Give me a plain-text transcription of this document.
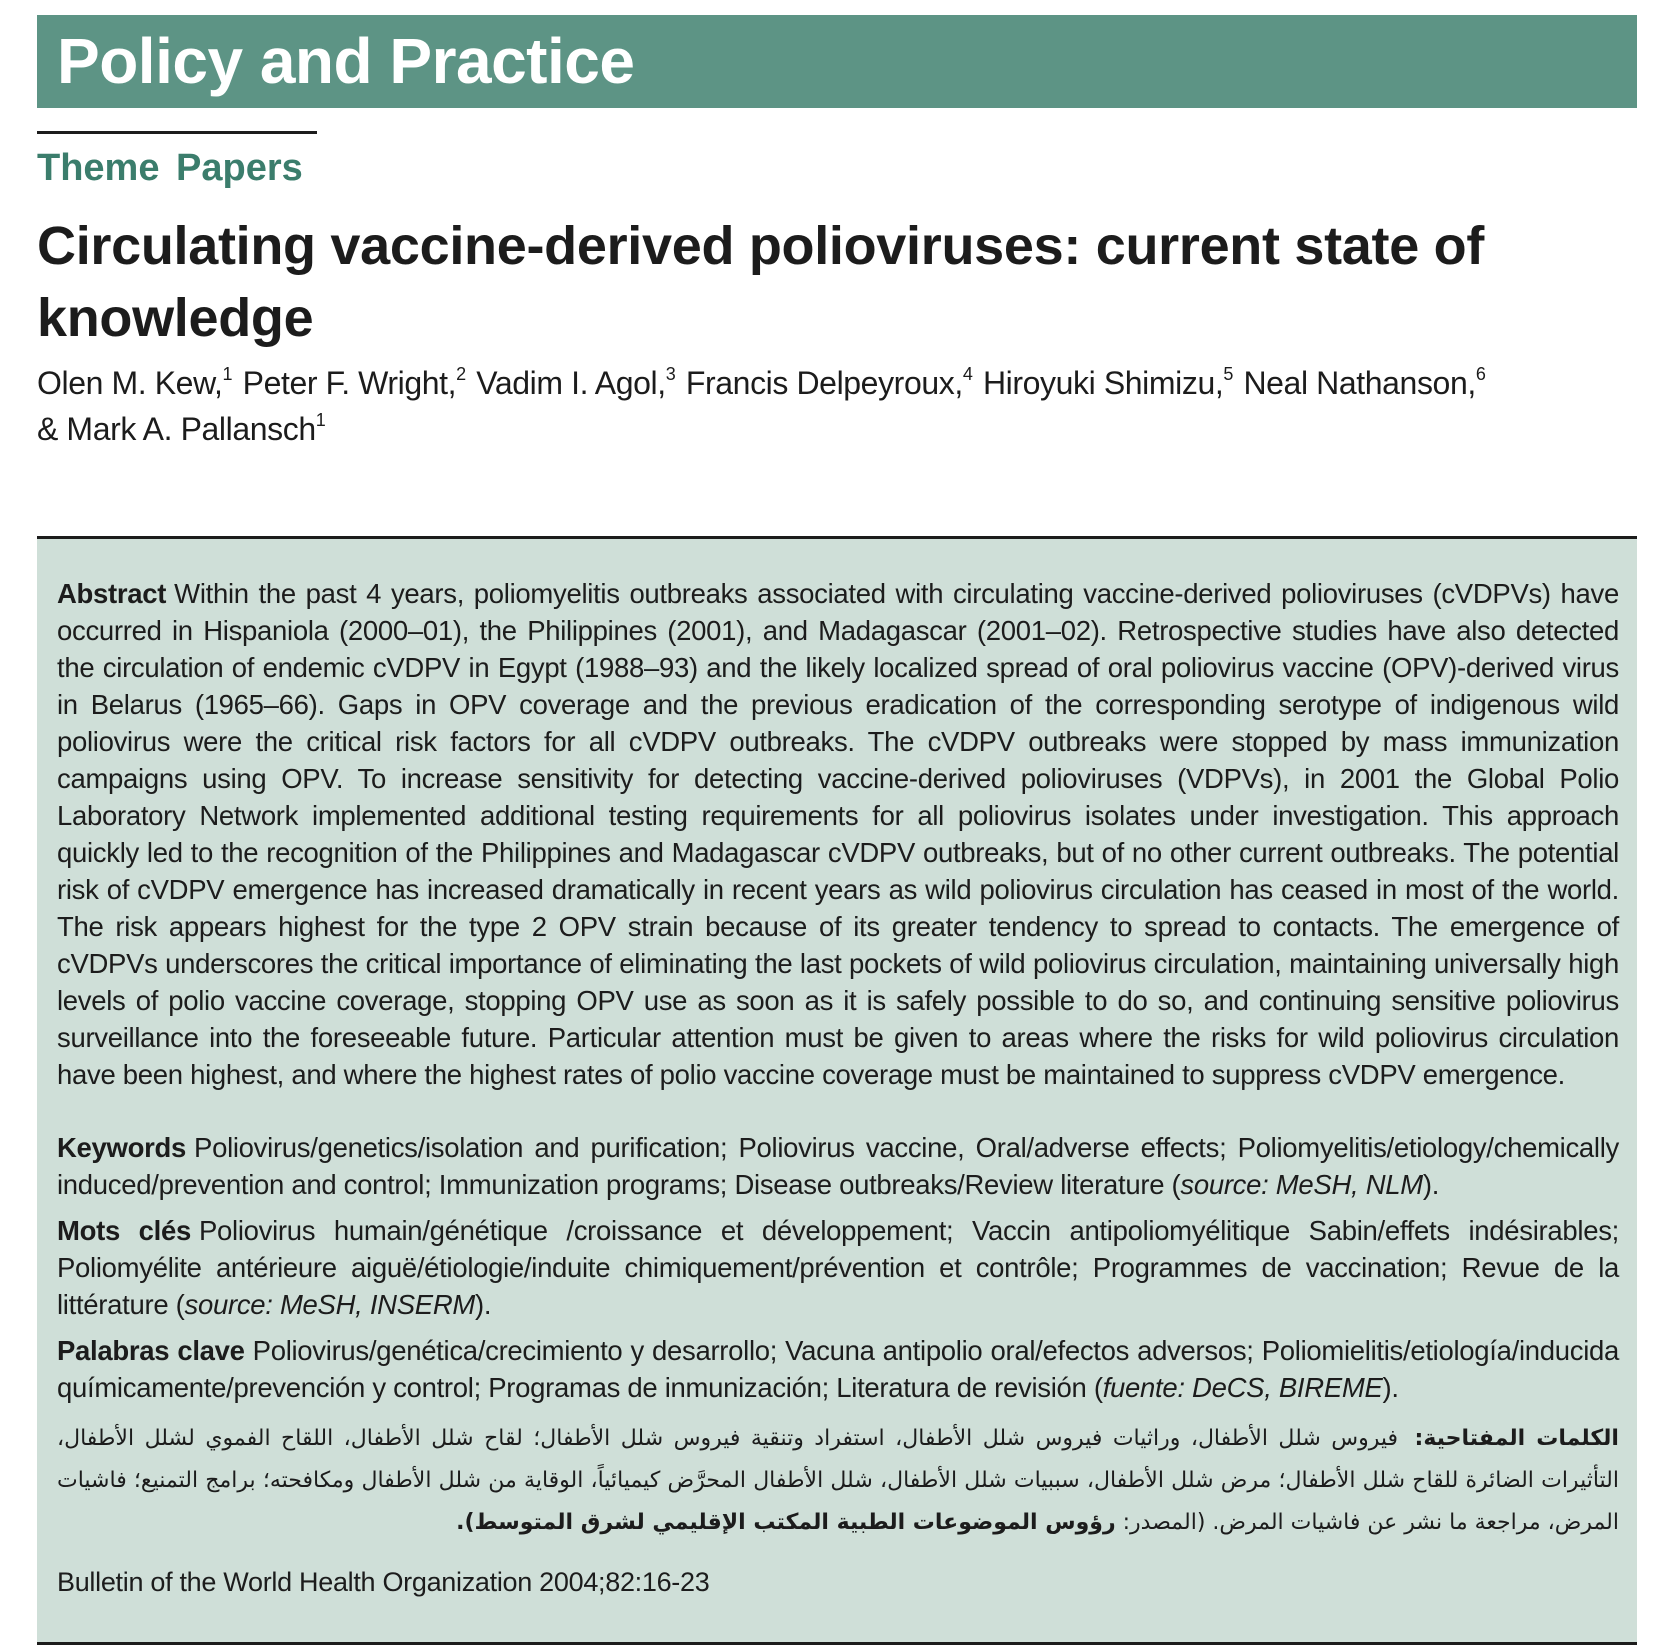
Policy and Practice
Theme Papers
Circulating vaccine-derived polioviruses: current state of knowledge
Olen M. Kew,$^1$ Peter F. Wright,$^2$ Vadim I. Agol,$^3$ Francis Delpeyroux,$^4$ Hiroyuki Shimizu,$^5$ Neal Nathanson,$^6$
& Mark A. Pallansch$^1$

Abstract Within the past 4 years, poliomyelitis outbreaks associated with circulating vaccine-derived polioviruses (cVDPVs) have occurred in Hispaniola (2000–01), the Philippines (2001), and Madagascar (2001–02). Retrospective studies have also detected the circulation of endemic cVDPV in Egypt (1988–93) and the likely localized spread of oral poliovirus vaccine (OPV)-derived virus in Belarus (1965–66). Gaps in OPV coverage and the previous eradication of the corresponding serotype of indigenous wild poliovirus were the critical risk factors for all cVDPV outbreaks. The cVDPV outbreaks were stopped by mass immunization campaigns using OPV. To increase sensitivity for detecting vaccine-derived polioviruses (VDPVs), in 2001 the Global Polio Laboratory Network implemented additional testing requirements for all poliovirus isolates under investigation. This approach quickly led to the recognition of the Philippines and Madagascar cVDPV outbreaks, but of no other current outbreaks. The potential risk of cVDPV emergence has increased dramatically in recent years as wild poliovirus circulation has ceased in most of the world. The risk appears highest for the type 2 OPV strain because of its greater tendency to spread to contacts. The emergence of cVDPVs underscores the critical importance of eliminating the last pockets of wild poliovirus circulation, maintaining universally high levels of polio vaccine coverage, stopping OPV use as soon as it is safely possible to do so, and continuing sensitive poliovirus surveillance into the foreseeable future. Particular attention must be given to areas where the risks for wild poliovirus circulation have been highest, and where the highest rates of polio vaccine coverage must be maintained to suppress cVDPV emergence.

Keywords Poliovirus/genetics/isolation and purification; Poliovirus vaccine, Oral/adverse effects; Poliomyelitis/etiology/chemically induced/prevention and control; Immunization programs; Disease outbreaks/Review literature (source: MeSH, NLM).

Mots clés Poliovirus humain/génétique /croissance et développement; Vaccin antipoliomyélitique Sabin/effets indésirables; Poliomyélite antérieure aiguë/étiologie/induite chimiquement/prévention et contrôle; Programmes de vaccination; Revue de la littérature (source: MeSH, INSERM).

Palabras clave Poliovirus/genética/crecimiento y desarrollo; Vacuna antipolio oral/efectos adversos; Poliomielitis/etiología/inducida químicamente/prevención y control; Programas de inmunización; Literatura de revisión (fuente: DeCS, BIREME).

الكلمات المفتاحية: فيروس شلل الأطفال، وراثيات فيروس شلل الأطفال، استفراد وتنقية فيروس شلل الأطفال؛ لقاح شلل الأطفال، اللقاح الفموي لشلل الأطفال، التأثيرات الضائرة للقاح شلل الأطفال؛ مرض شلل الأطفال، سببيات شلل الأطفال، شلل الأطفال المحرَّض كيميائياً، الوقاية من شلل الأطفال ومكافحته؛ برامج التمنيع؛ فاشيات المرض، مراجعة ما نشر عن فاشيات المرض. (المصدر: رؤوس الموضوعات الطبية المكتب الإقليمي لشرق المتوسط).

Bulletin of the World Health Organization 2004;82:16-23
